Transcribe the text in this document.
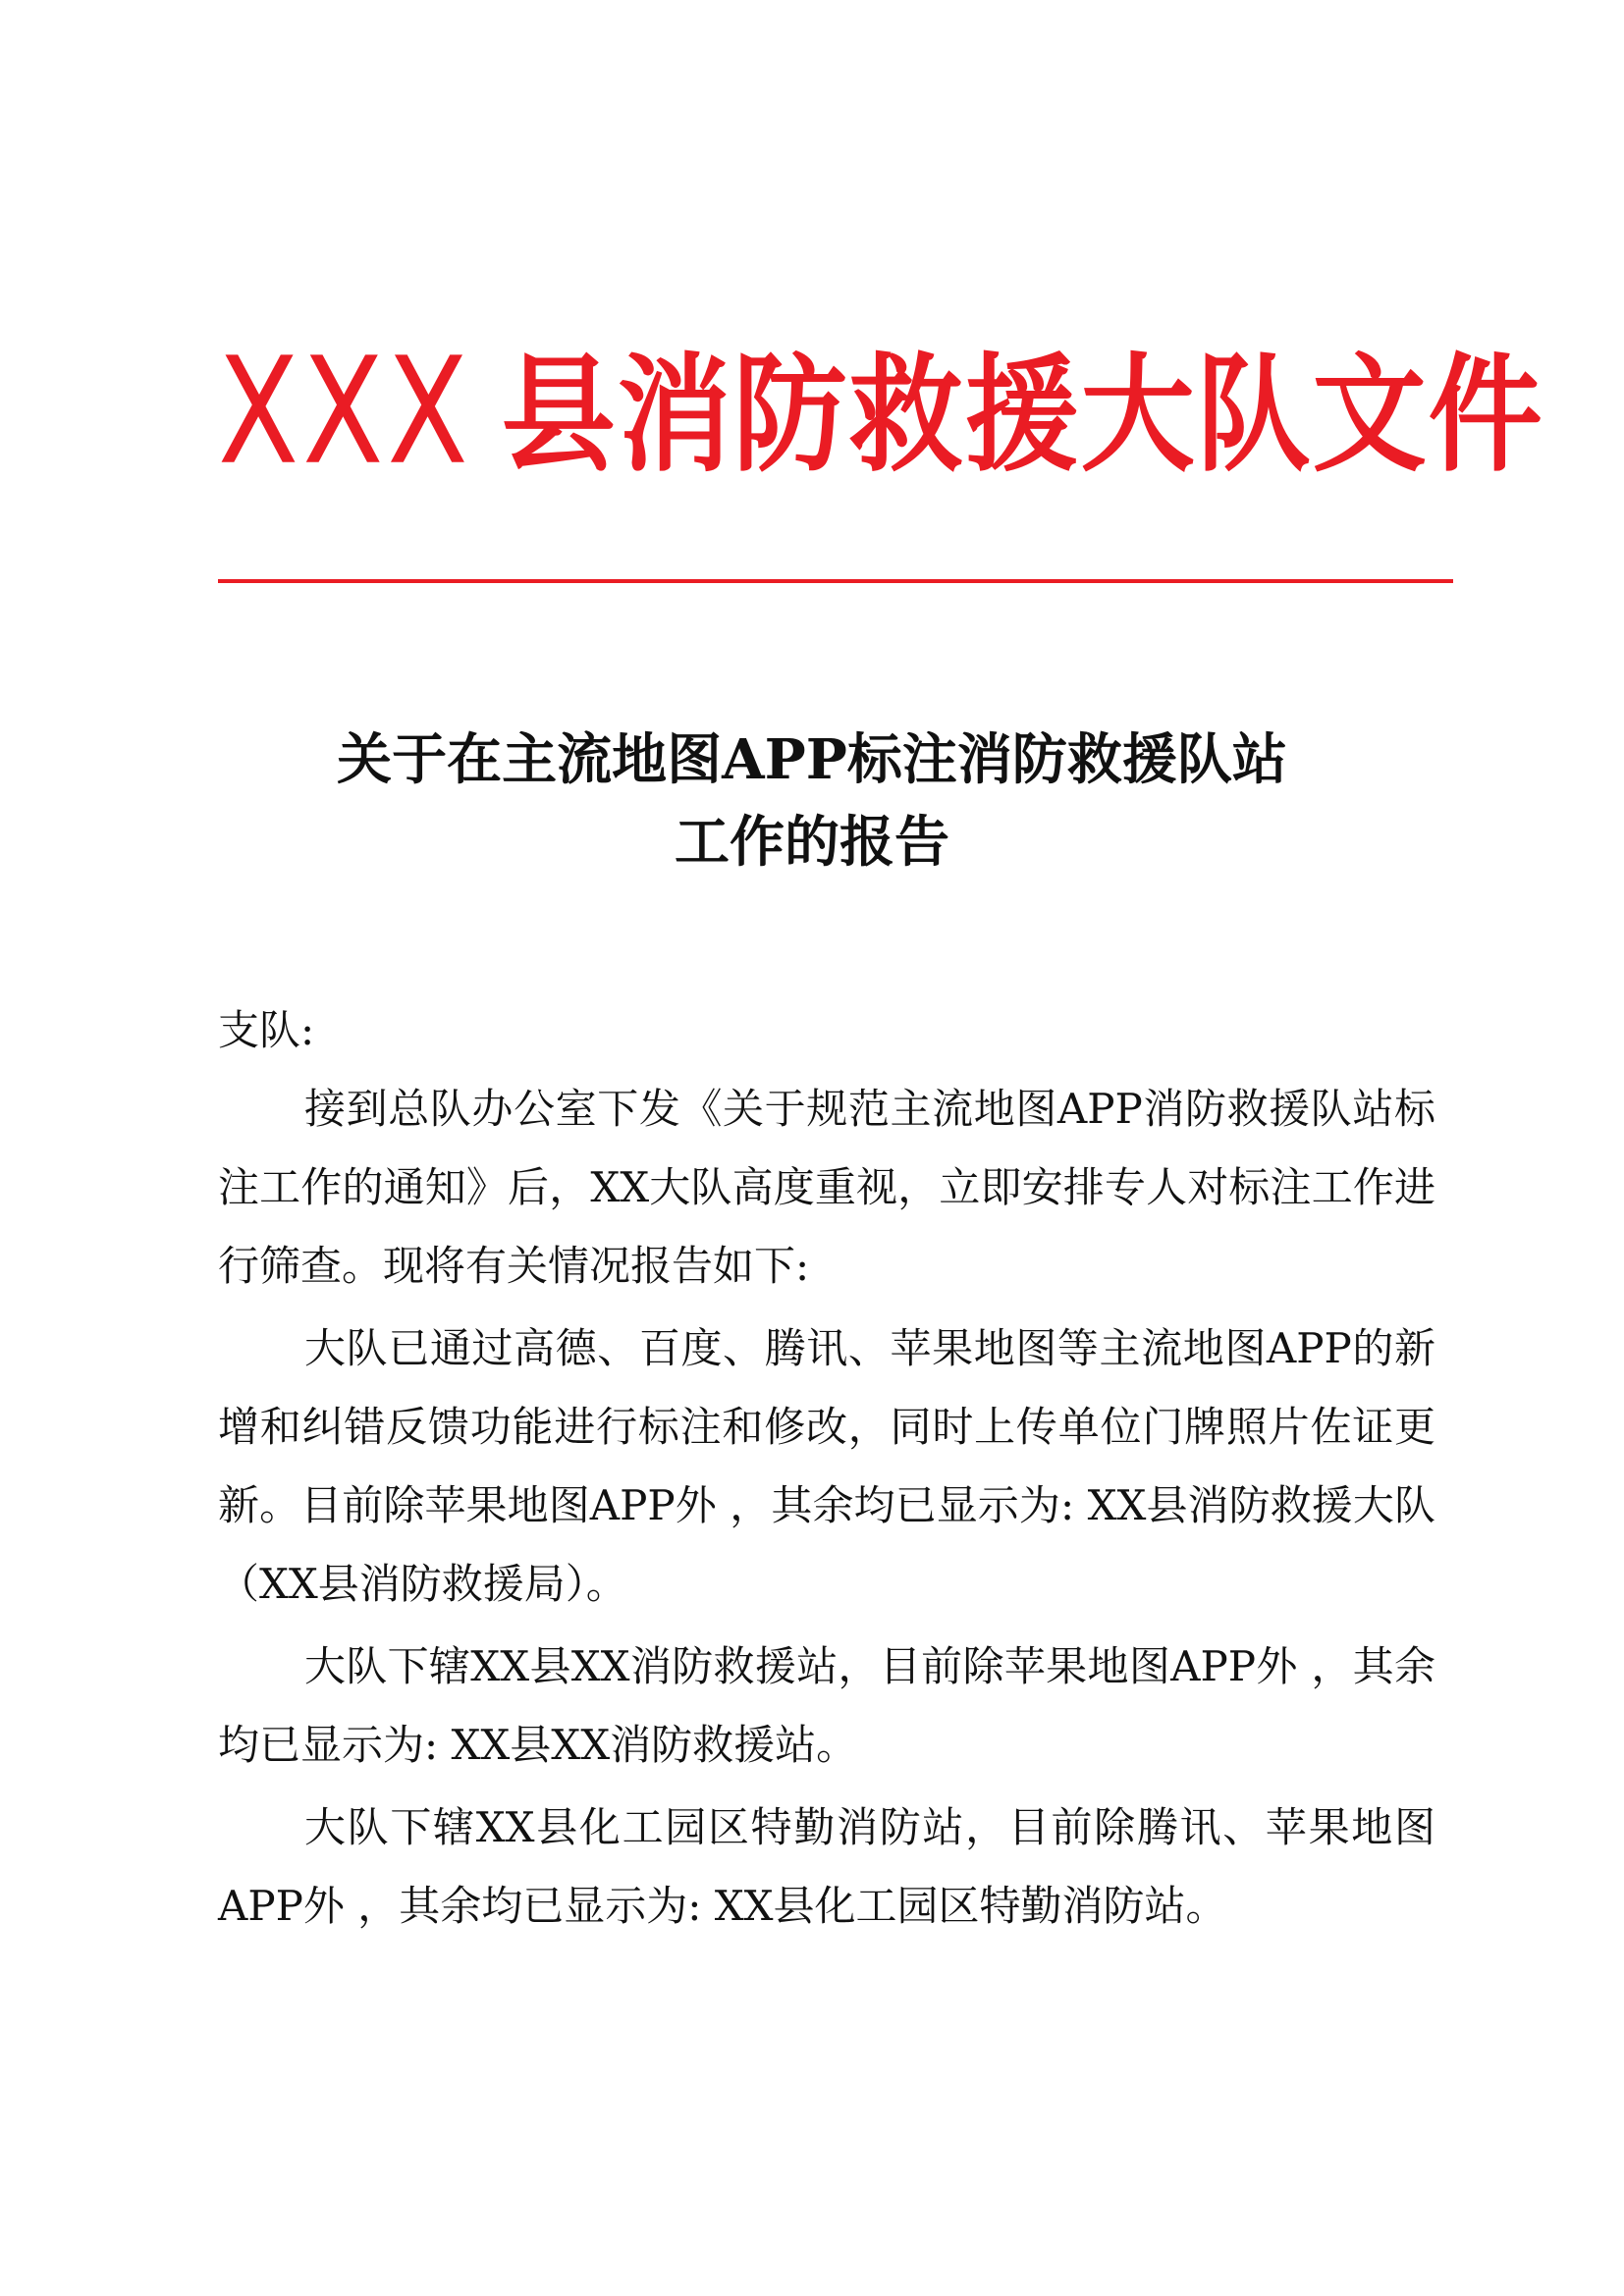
XXX 县消防救援大队文件
关于在主流地图APP标注消防救援队站
工作的报告
支队:
接到总队办公室下发《关于规范主流地图APP消防救援队站标注工作的通知》后，XX大队高度重视，立即安排专人对标注工作进行筛查。现将有关情况报告如下:
大队已通过高德、百度、腾讯、苹果地图等主流地图APP的新增和纠错反馈功能进行标注和修改，同时上传单位门牌照片佐证更新。目前除苹果地图APP外 ，其余均已显示为: XX县消防救援大队（XX县消防救援局）。
大队下辖XX县XX消防救援站，目前除苹果地图APP外 ，其余均已显示为: XX县XX消防救援站。
大队下辖XX县化工园区特勤消防站，目前除腾讯、苹果地图APP外 ，其余均已显示为: XX县化工园区特勤消防站。
